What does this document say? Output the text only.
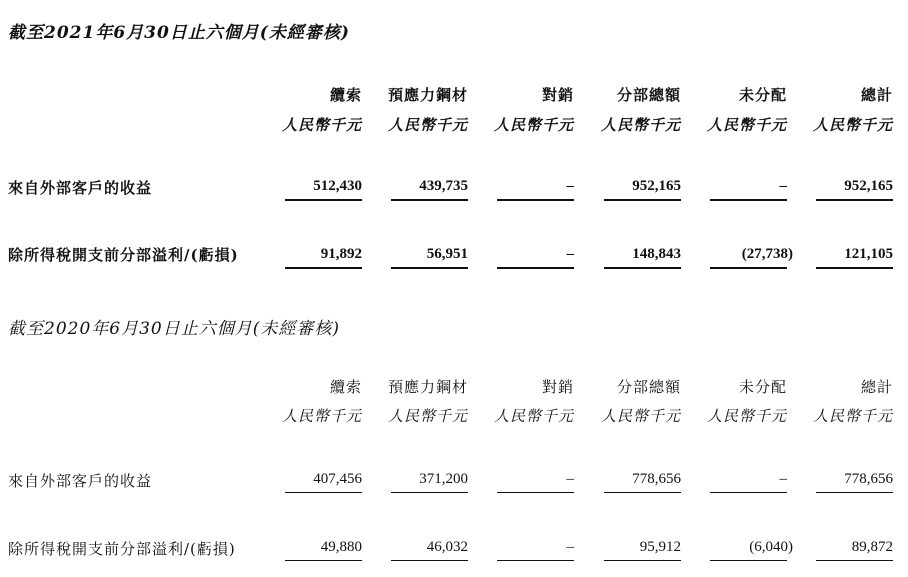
截至2021年6月30日止六個月(未經審核)
纜索	預應力鋼材	對銷	分部總額	未分配	總計
人民幣千元	人民幣千元	人民幣千元	人民幣千元	人民幣千元	人民幣千元
來自外部客戶的收益	512,430	439,735	–	952,165	–	952,165
除所得稅開支前分部溢利/(虧損)	91,892	56,951	–	148,843	(27,738)	121,105
截至2020年6月30日止六個月(未經審核)
纜索	預應力鋼材	對銷	分部總額	未分配	總計
人民幣千元	人民幣千元	人民幣千元	人民幣千元	人民幣千元	人民幣千元
來自外部客戶的收益	407,456	371,200	–	778,656	–	778,656
除所得稅開支前分部溢利/(虧損)	49,880	46,032	–	95,912	(6,040)	89,872
